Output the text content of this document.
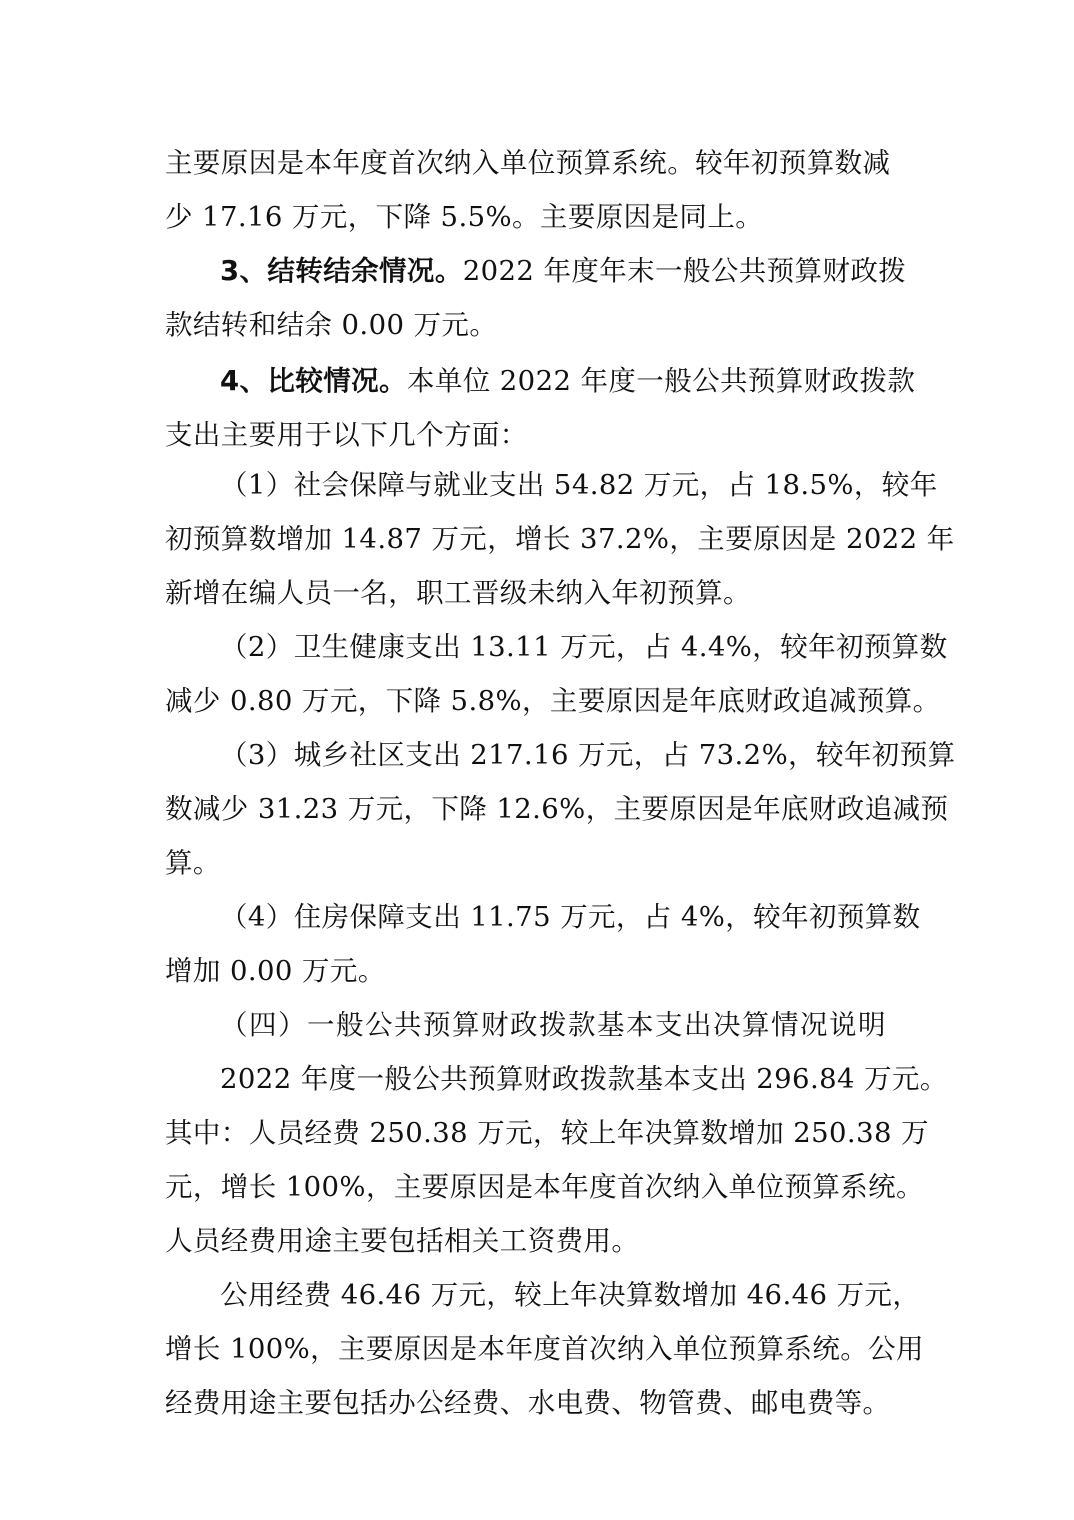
主要原因是本年度首次纳入单位预算系统。较年初预算数减
少 17.16 万元，下降 5.5%。主要原因是同上。
3、结转结余情况。2022 年度年末一般公共预算财政拨
款结转和结余 0.00 万元。
4、比较情况。本单位 2022 年度一般公共预算财政拨款
支出主要用于以下几个方面：
（1）社会保障与就业支出 54.82 万元，占 18.5%，较年
初预算数增加 14.87 万元，增长 37.2%，主要原因是 2022 年
新增在编人员一名，职工晋级未纳入年初预算。
（2）卫生健康支出 13.11 万元，占 4.4%，较年初预算数
减少 0.80 万元，下降 5.8%，主要原因是年底财政追减预算。
（3）城乡社区支出 217.16 万元，占 73.2%，较年初预算
数减少 31.23 万元，下降 12.6%，主要原因是年底财政追减预
算。
（4）住房保障支出 11.75 万元，占 4%，较年初预算数
增加 0.00 万元。
（四）一般公共预算财政拨款基本支出决算情况说明
2022 年度一般公共预算财政拨款基本支出 296.84 万元。
其中：人员经费 250.38 万元，较上年决算数增加 250.38 万
元，增长 100%，主要原因是本年度首次纳入单位预算系统。
人员经费用途主要包括相关工资费用。
公用经费 46.46 万元，较上年决算数增加 46.46 万元，
增长 100%，主要原因是本年度首次纳入单位预算系统。公用
经费用途主要包括办公经费、水电费、物管费、邮电费等。
